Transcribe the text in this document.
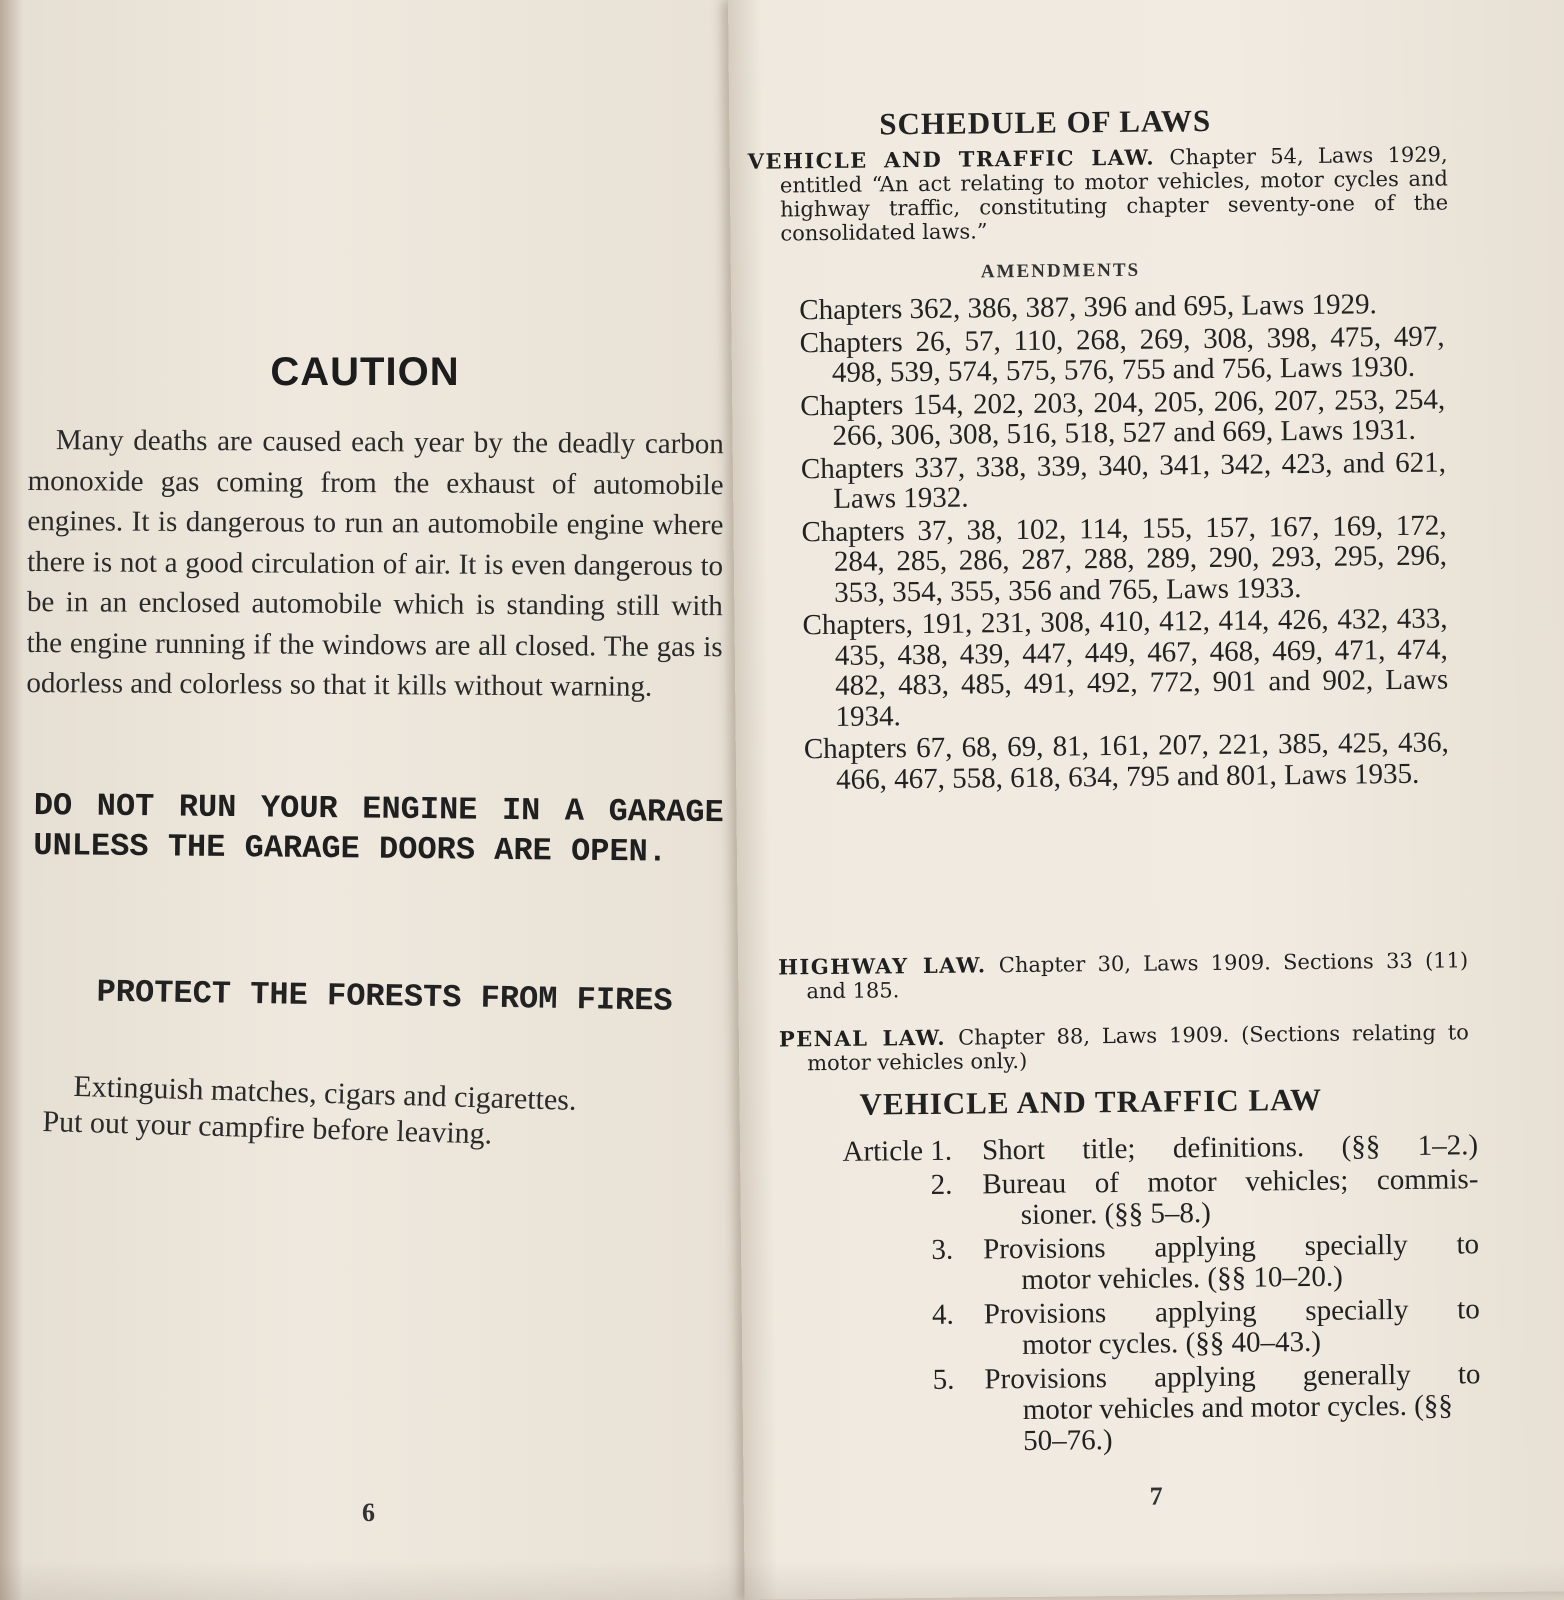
CAUTION

Many deaths are caused each year by the deadly carbon monoxide gas coming from the exhaust of automobile engines. It is dangerous to run an automobile engine where there is not a good circulation of air. It is even dangerous to be in an enclosed automobile which is standing still with the engine running if the windows are all closed. The gas is odorless and colorless so that it kills without warning.

DO NOT RUN YOUR ENGINE IN A GARAGE UNLESS THE GARAGE DOORS ARE OPEN.
PROTECT THE FORESTS FROM FIRES
Extinguish matches, cigars and cigarettes.
Put out your campfire before leaving.
6
SCHEDULE OF LAWS
VEHICLE AND TRAFFIC LAW. Chapter 54, Laws 1929, entitled “An act relating to motor vehicles, motor cycles and highway traffic, constituting chapter seventy-one of the consolidated laws.”
AMENDMENTS
Chapters 362, 386, 387, 396 and 695, Laws 1929.
Chapters 26, 57, 110, 268, 269, 308, 398, 475, 497, 498, 539, 574, 575, 576, 755 and 756, Laws 1930.
Chapters 154, 202, 203, 204, 205, 206, 207, 253, 254, 266, 306, 308, 516, 518, 527 and 669, Laws 1931.
Chapters 337, 338, 339, 340, 341, 342, 423, and 621, Laws 1932.
Chapters 37, 38, 102, 114, 155, 157, 167, 169, 172, 284, 285, 286, 287, 288, 289, 290, 293, 295, 296, 353, 354, 355, 356 and 765, Laws 1933.
Chapters, 191, 231, 308, 410, 412, 414, 426, 432, 433, 435, 438, 439, 447, 449, 467, 468, 469, 471, 474, 482, 483, 485, 491, 492, 772, 901 and 902, Laws 1934.
Chapters 67, 68, 69, 81, 161, 207, 221, 385, 425, 436, 466, 467, 558, 618, 634, 795 and 801, Laws 1935.
HIGHWAY LAW. Chapter 30, Laws 1909. Sections 33 (11) and 185.
PENAL LAW. Chapter 88, Laws 1909. (Sections relating to motor vehicles only.)
VEHICLE AND TRAFFIC LAW
Article 1. Short title; definitions. (§§ 1–2.)
2. Bureau of motor vehicles; commis-
sioner. (§§ 5–8.)
3. Provisions applying specially to
motor vehicles. (§§ 10–20.)
4. Provisions applying specially to
motor cycles. (§§ 40–43.)
5. Provisions applying generally to
motor vehicles and motor cycles. (§§ 50–76.)
7
